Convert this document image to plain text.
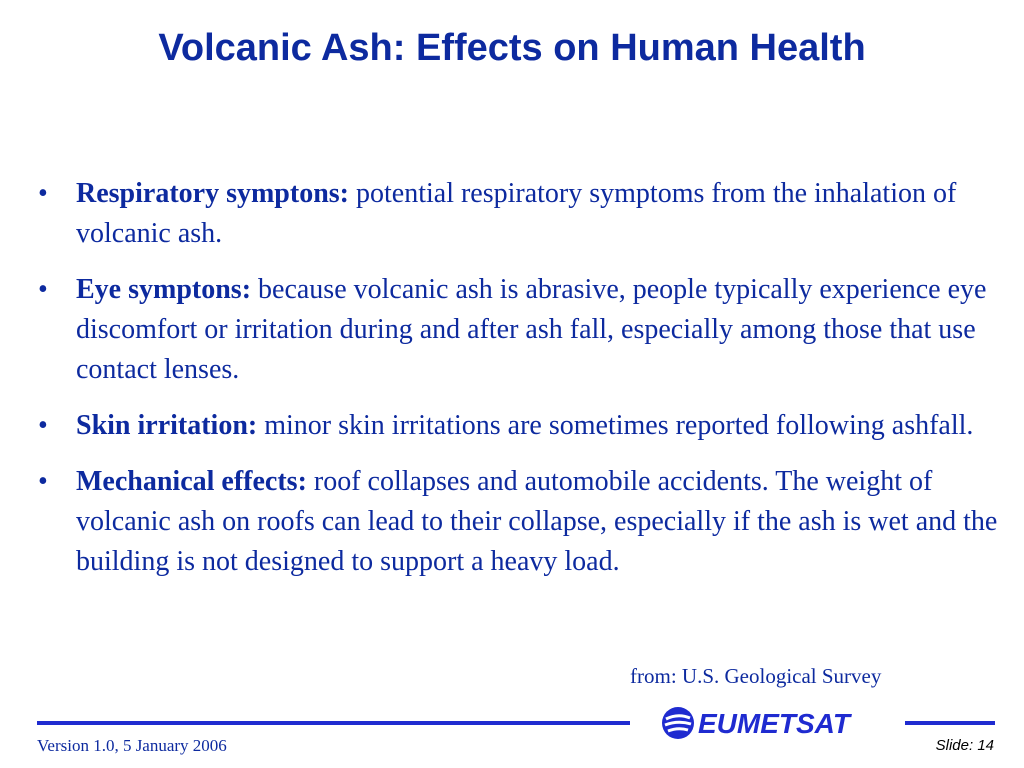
Volcanic Ash: Effects on Human Health
• Respiratory symptons: potential respiratory symptoms from the inhalation of volcanic ash.
• Eye symptons: because volcanic ash is abrasive, people typically experience eye discomfort or irritation during and after ash fall, especially among those that use contact lenses.
• Skin irritation: minor skin irritations are sometimes reported following ashfall.
• Mechanical effects: roof collapses and automobile accidents. The weight of volcanic ash on roofs can lead to their collapse, especially if the ash is wet and the building is not designed to support a heavy load.
from: U.S. Geological Survey
EUMETSAT
Version 1.0, 5 January 2006	Slide: 14
